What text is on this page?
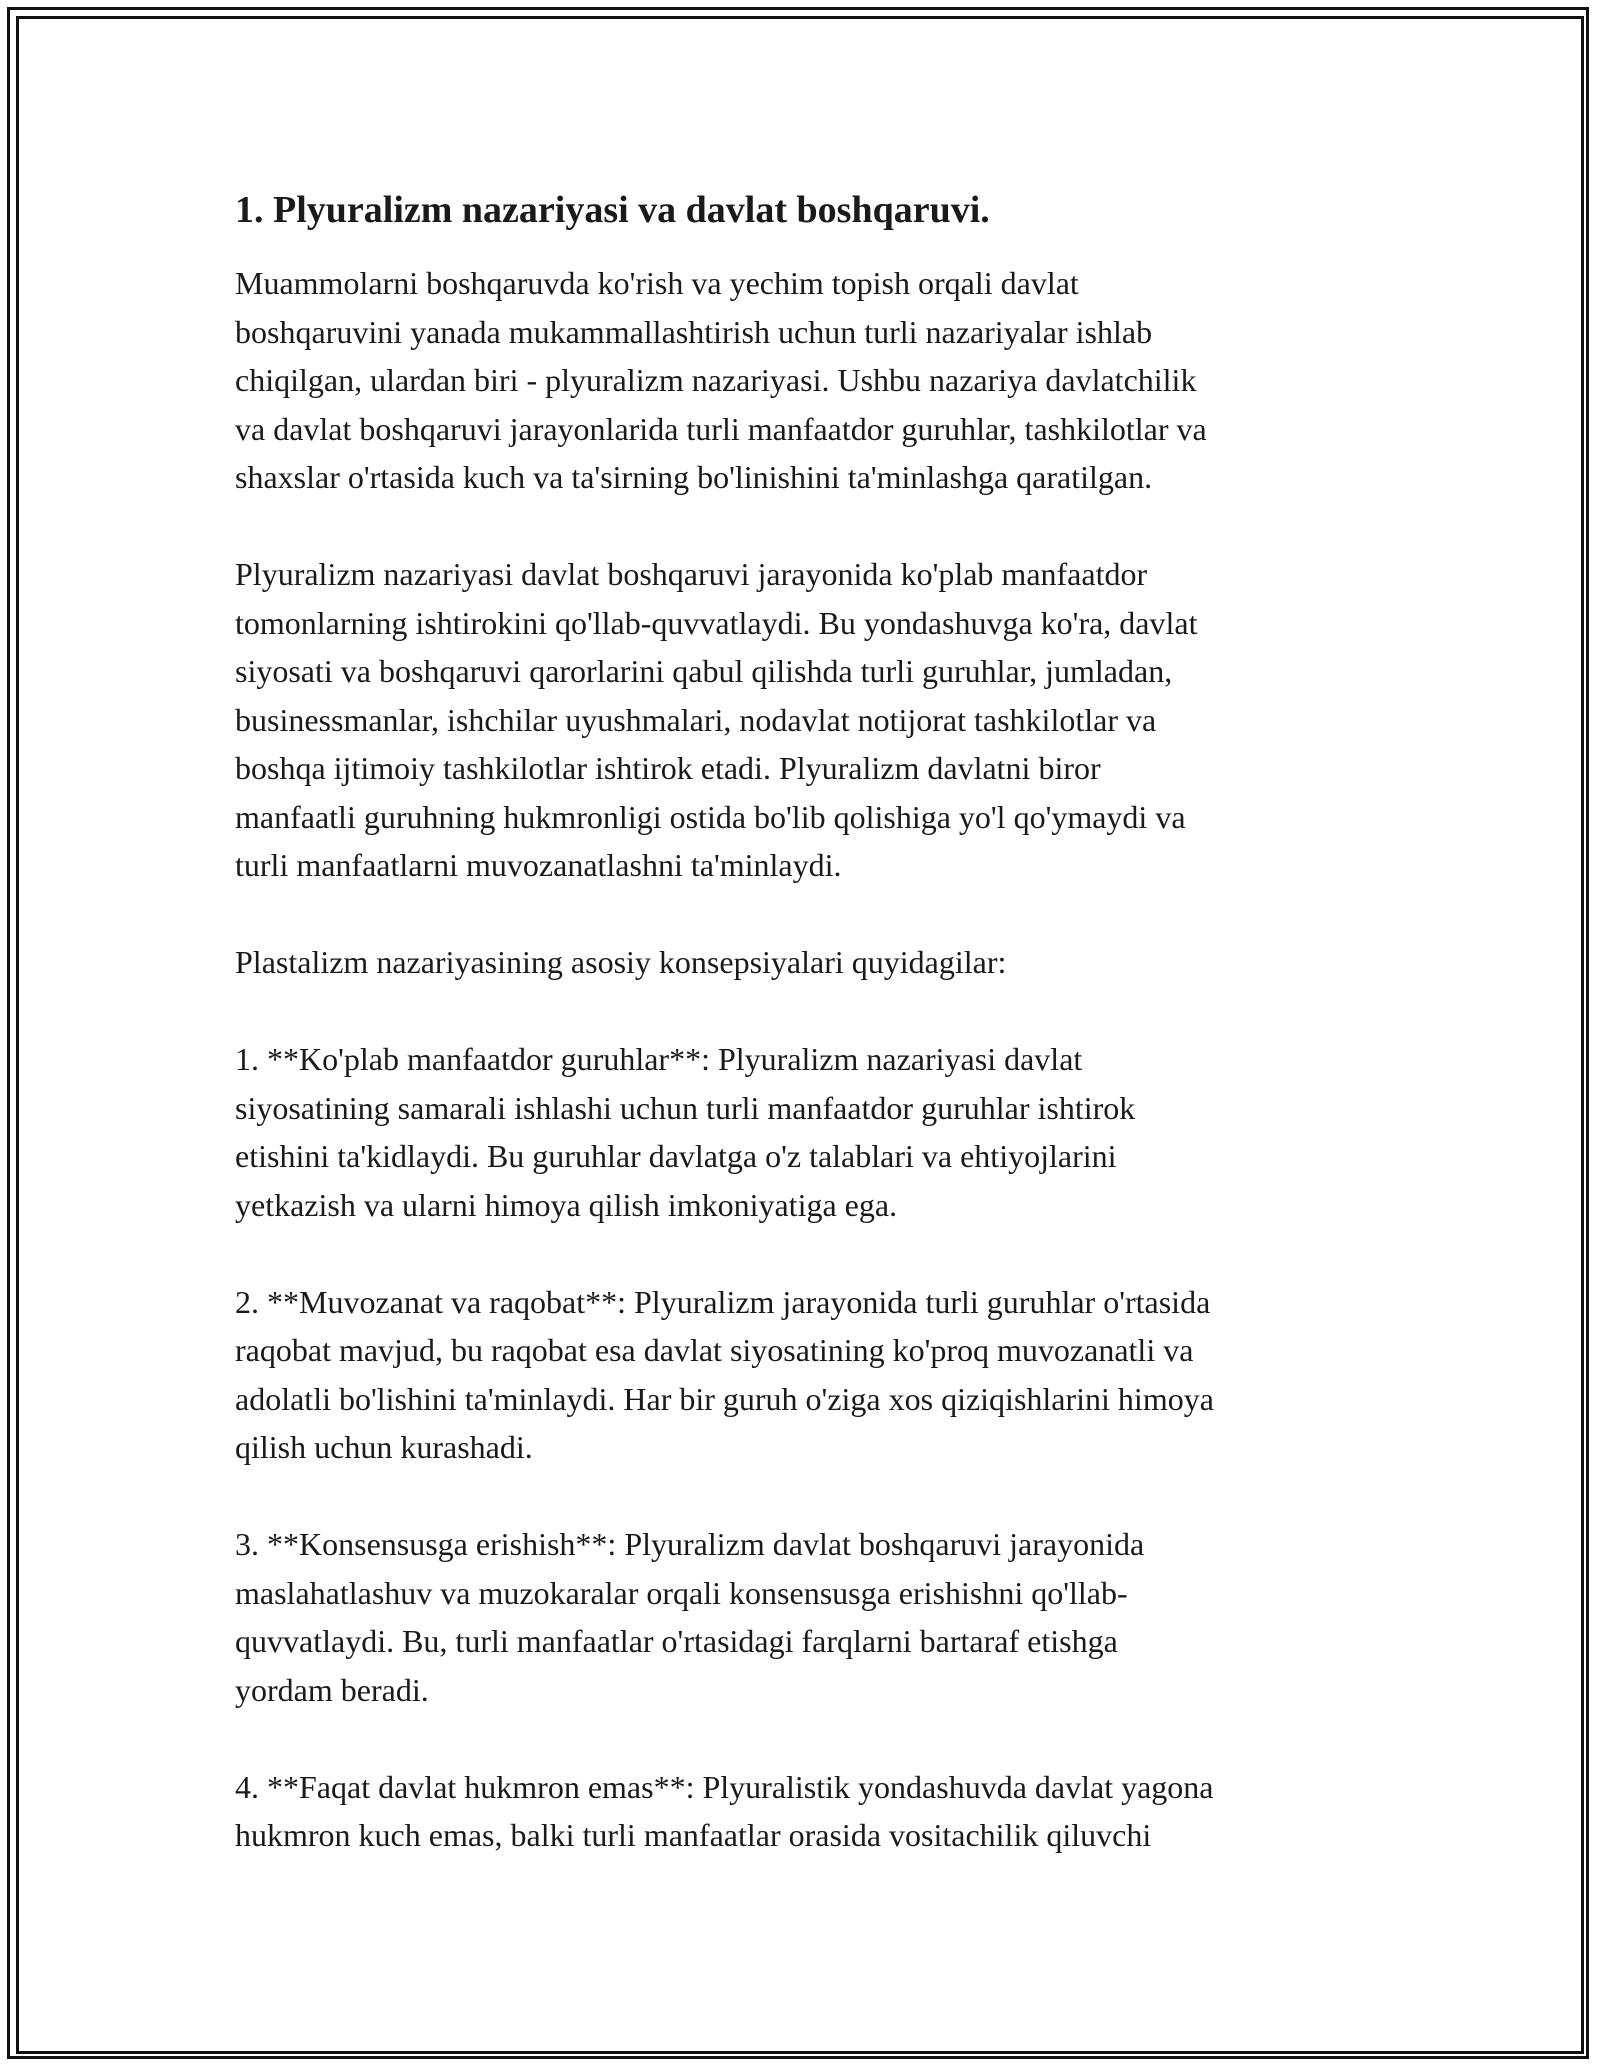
1. Plyuralizm nazariyasi va davlat boshqaruvi.

Muammolarni boshqaruvda ko'rish va yechim topish orqali davlat
boshqaruvini yanada mukammallashtirish uchun turli nazariyalar ishlab
chiqilgan, ulardan biri - plyuralizm nazariyasi. Ushbu nazariya davlatchilik
va davlat boshqaruvi jarayonlarida turli manfaatdor guruhlar, tashkilotlar va
shaxslar o'rtasida kuch va ta'sirning bo'linishini ta'minlashga qaratilgan.

Plyuralizm nazariyasi davlat boshqaruvi jarayonida ko'plab manfaatdor
tomonlarning ishtirokini qo'llab-quvvatlaydi. Bu yondashuvga ko'ra, davlat
siyosati va boshqaruvi qarorlarini qabul qilishda turli guruhlar, jumladan,
businessmanlar, ishchilar uyushmalari, nodavlat notijorat tashkilotlar va
boshqa ijtimoiy tashkilotlar ishtirok etadi. Plyuralizm davlatni biror
manfaatli guruhning hukmronligi ostida bo'lib qolishiga yo'l qo'ymaydi va
turli manfaatlarni muvozanatlashni ta'minlaydi.

Plastalizm nazariyasining asosiy konsepsiyalari quyidagilar:

1. **Ko'plab manfaatdor guruhlar**: Plyuralizm nazariyasi davlat
siyosatining samarali ishlashi uchun turli manfaatdor guruhlar ishtirok
etishini ta'kidlaydi. Bu guruhlar davlatga o'z talablari va ehtiyojlarini
yetkazish va ularni himoya qilish imkoniyatiga ega.

2. **Muvozanat va raqobat**: Plyuralizm jarayonida turli guruhlar o'rtasida
raqobat mavjud, bu raqobat esa davlat siyosatining ko'proq muvozanatli va
adolatli bo'lishini ta'minlaydi. Har bir guruh o'ziga xos qiziqishlarini himoya
qilish uchun kurashadi.

3. **Konsensusga erishish**: Plyuralizm davlat boshqaruvi jarayonida
maslahatlashuv va muzokaralar orqali konsensusga erishishni qo'llab-
quvvatlaydi. Bu, turli manfaatlar o'rtasidagi farqlarni bartaraf etishga
yordam beradi.

4. **Faqat davlat hukmron emas**: Plyuralistik yondashuvda davlat yagona
hukmron kuch emas, balki turli manfaatlar orasida vositachilik qiluvchi
